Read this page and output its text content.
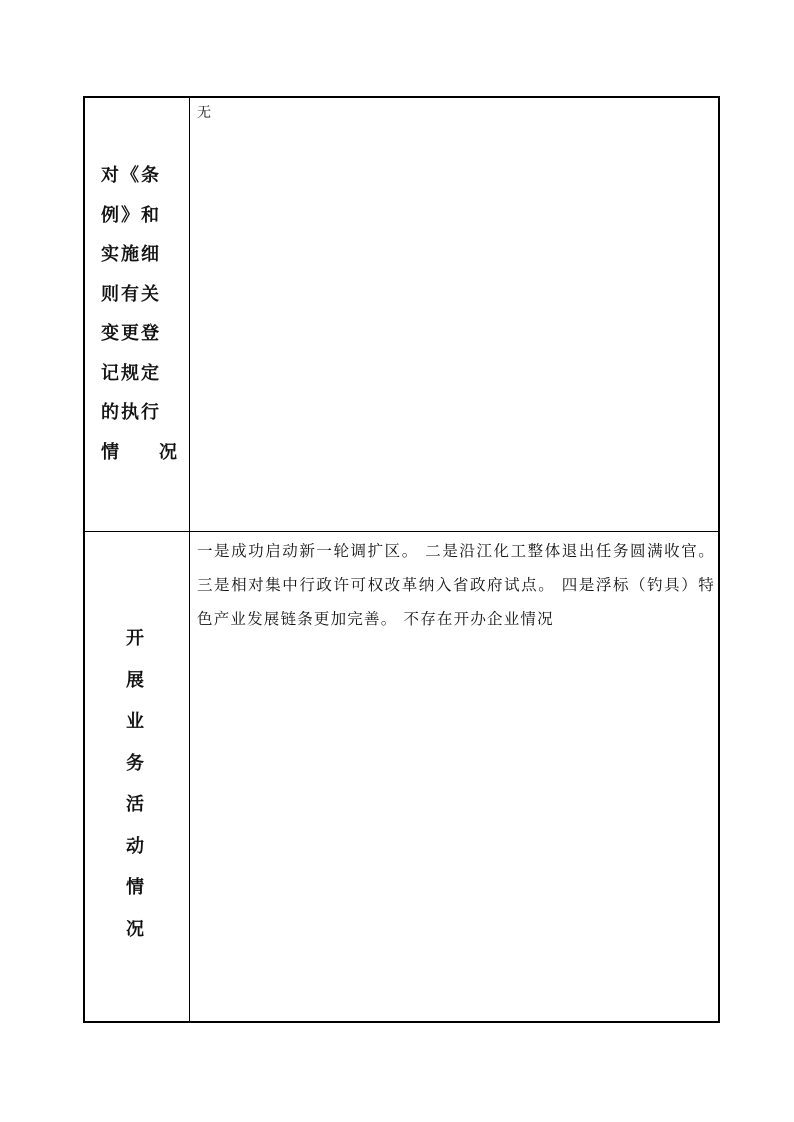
对《条
例》和
实施细
则有关
变更登
记规定
的执行
情 况
无
开
展
业
务
活
动
情
况
一是成功启动新一轮调扩区。 二是沿江化工整体退出任务圆满收官。 三是相对集中行政许可权改革纳入省政府试点。 四是浮标（钓具）特色产业发展链条更加完善。 不存在开办企业情况
